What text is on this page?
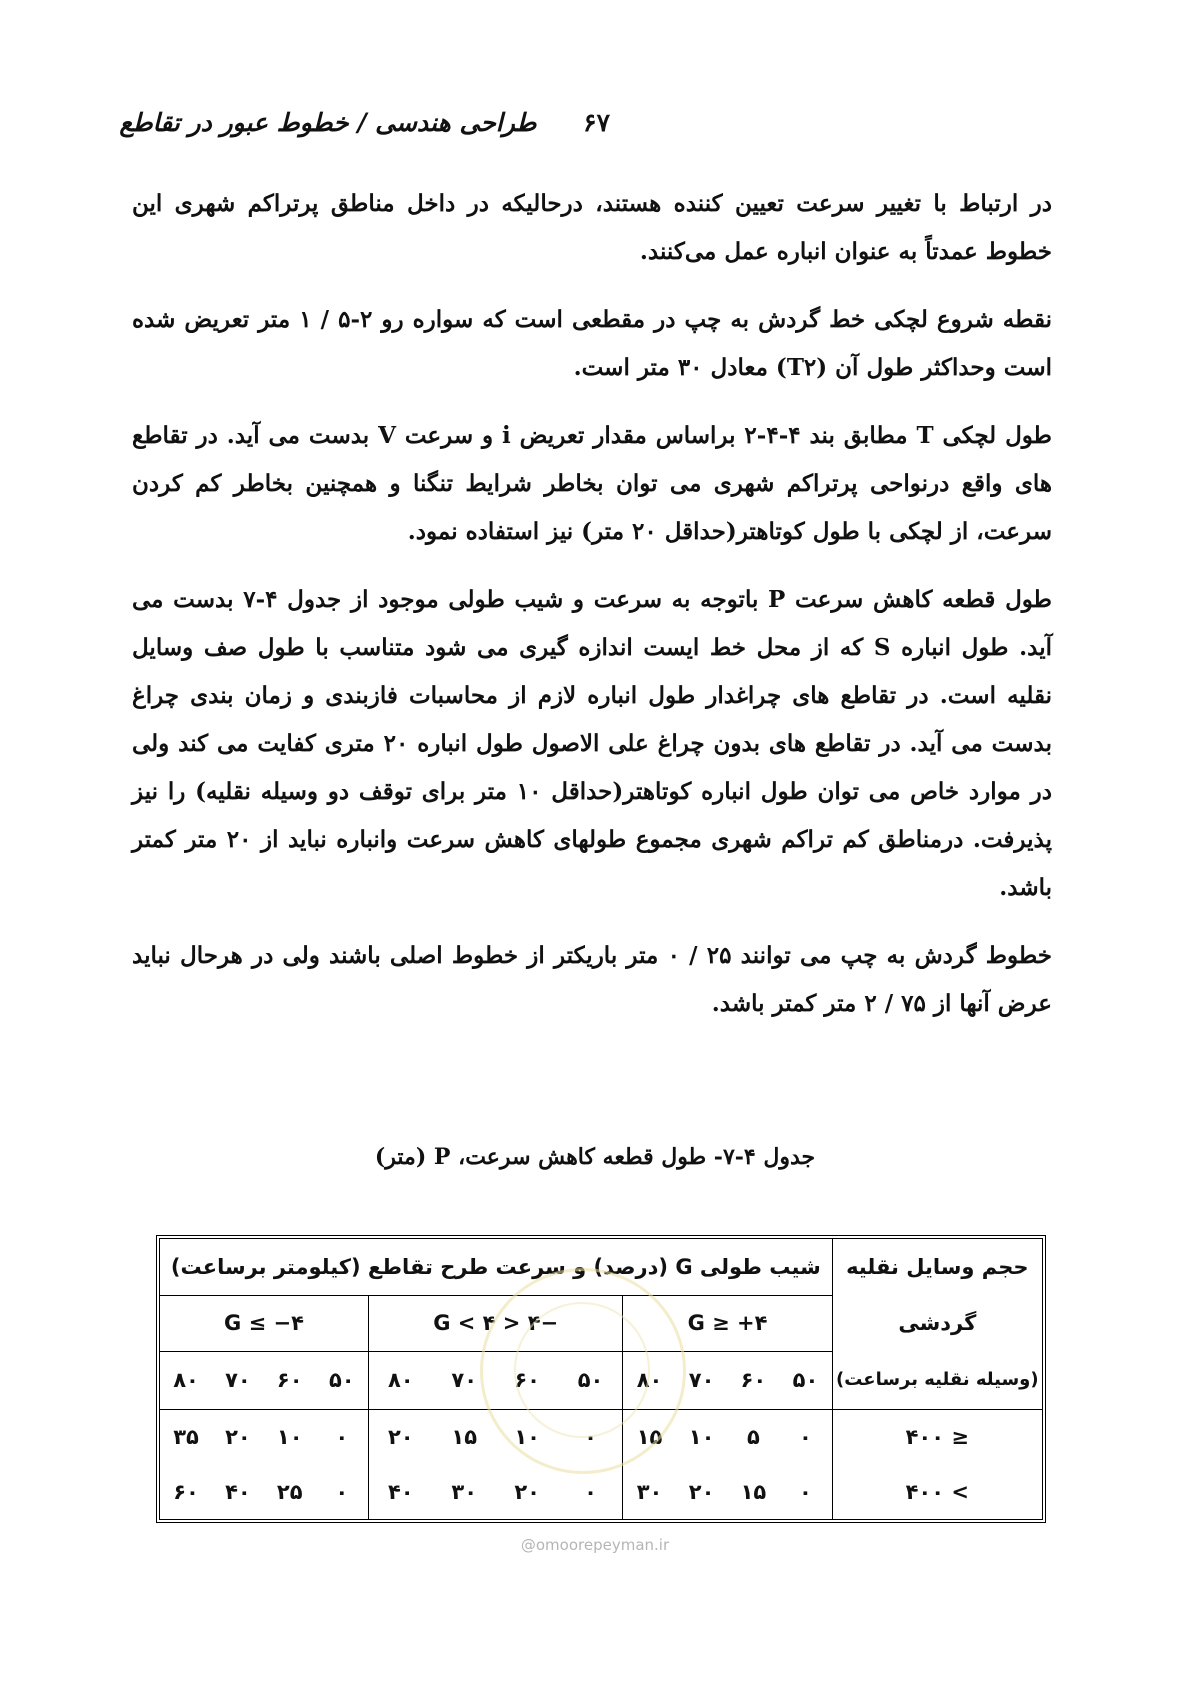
۶۷ طراحی هندسی / خطوط عبور در تقاطع

در ارتباط با تغییر سرعت تعیین کننده هستند، درحالیکه در داخل مناطق پرتراکم شهری این خطوط عمدتاً به عنوان انباره عمل می‌کنند.

نقطه شروع لچکی خط گردش به چپ در مقطعی است که سواره رو ۲-۵ / ۱ متر تعریض شده است وحداکثر طول آن (T۲) معادل ۳۰ متر است.

طول لچکی T مطابق بند ۴-۴-۲ براساس مقدار تعریض i و سرعت V بدست می آید. در تقاطع های واقع درنواحی پرتراکم شهری می توان بخاطر شرایط تنگنا و همچنین بخاطر کم کردن سرعت، از لچکی با طول کوتاهتر(حداقل ۲۰ متر) نیز استفاده نمود.

طول قطعه کاهش سرعت P باتوجه به سرعت و شیب طولی موجود از جدول ۴-۷ بدست می آید. طول انباره S که از محل خط ایست اندازه گیری می شود متناسب با طول صف وسایل نقلیه است. در تقاطع های چراغدار طول انباره لازم از محاسبات فازبندی و زمان بندی چراغ بدست می آید. در تقاطع های بدون چراغ علی الاصول طول انباره ۲۰ متری کفایت می کند ولی در موارد خاص می توان طول انباره کوتاهتر(حداقل ۱۰ متر برای توقف دو وسیله نقلیه) را نیز پذیرفت. درمناطق کم تراکم شهری مجموع طولهای کاهش سرعت وانباره نباید از ۲۰ متر کمتر باشد.

خطوط گردش به چپ می توانند ۲۵ / ۰ متر باریکتر از خطوط اصلی باشند ولی در هرحال نباید عرض آنها از ۷۵ / ۲ متر کمتر باشد.

جدول ۴-۷- طول قطعه کاهش سرعت، P (متر)
حجم وسایل نقلیه	شیب طولی G (درصد) و سرعت طرح تقاطع (کیلومتر برساعت)											
گردشی	G ≥ +۴				−۴ < G < ۴				G ≤ −۴			
(وسیله نقلیه برساعت)	۵۰	۶۰	۷۰	۸۰	۵۰	۶۰	۷۰	۸۰	۵۰	۶۰	۷۰	۸۰
≤ ۴۰۰	۰	۵	۱۰	۱۵	۰	۱۰	۱۵	۲۰	۰	۱۰	۲۰	۳۵
> ۴۰۰	۰	۱۵	۲۰	۳۰	۰	۲۰	۳۰	۴۰	۰	۲۵	۴۰	۶۰
@omoorepeyman.ir
